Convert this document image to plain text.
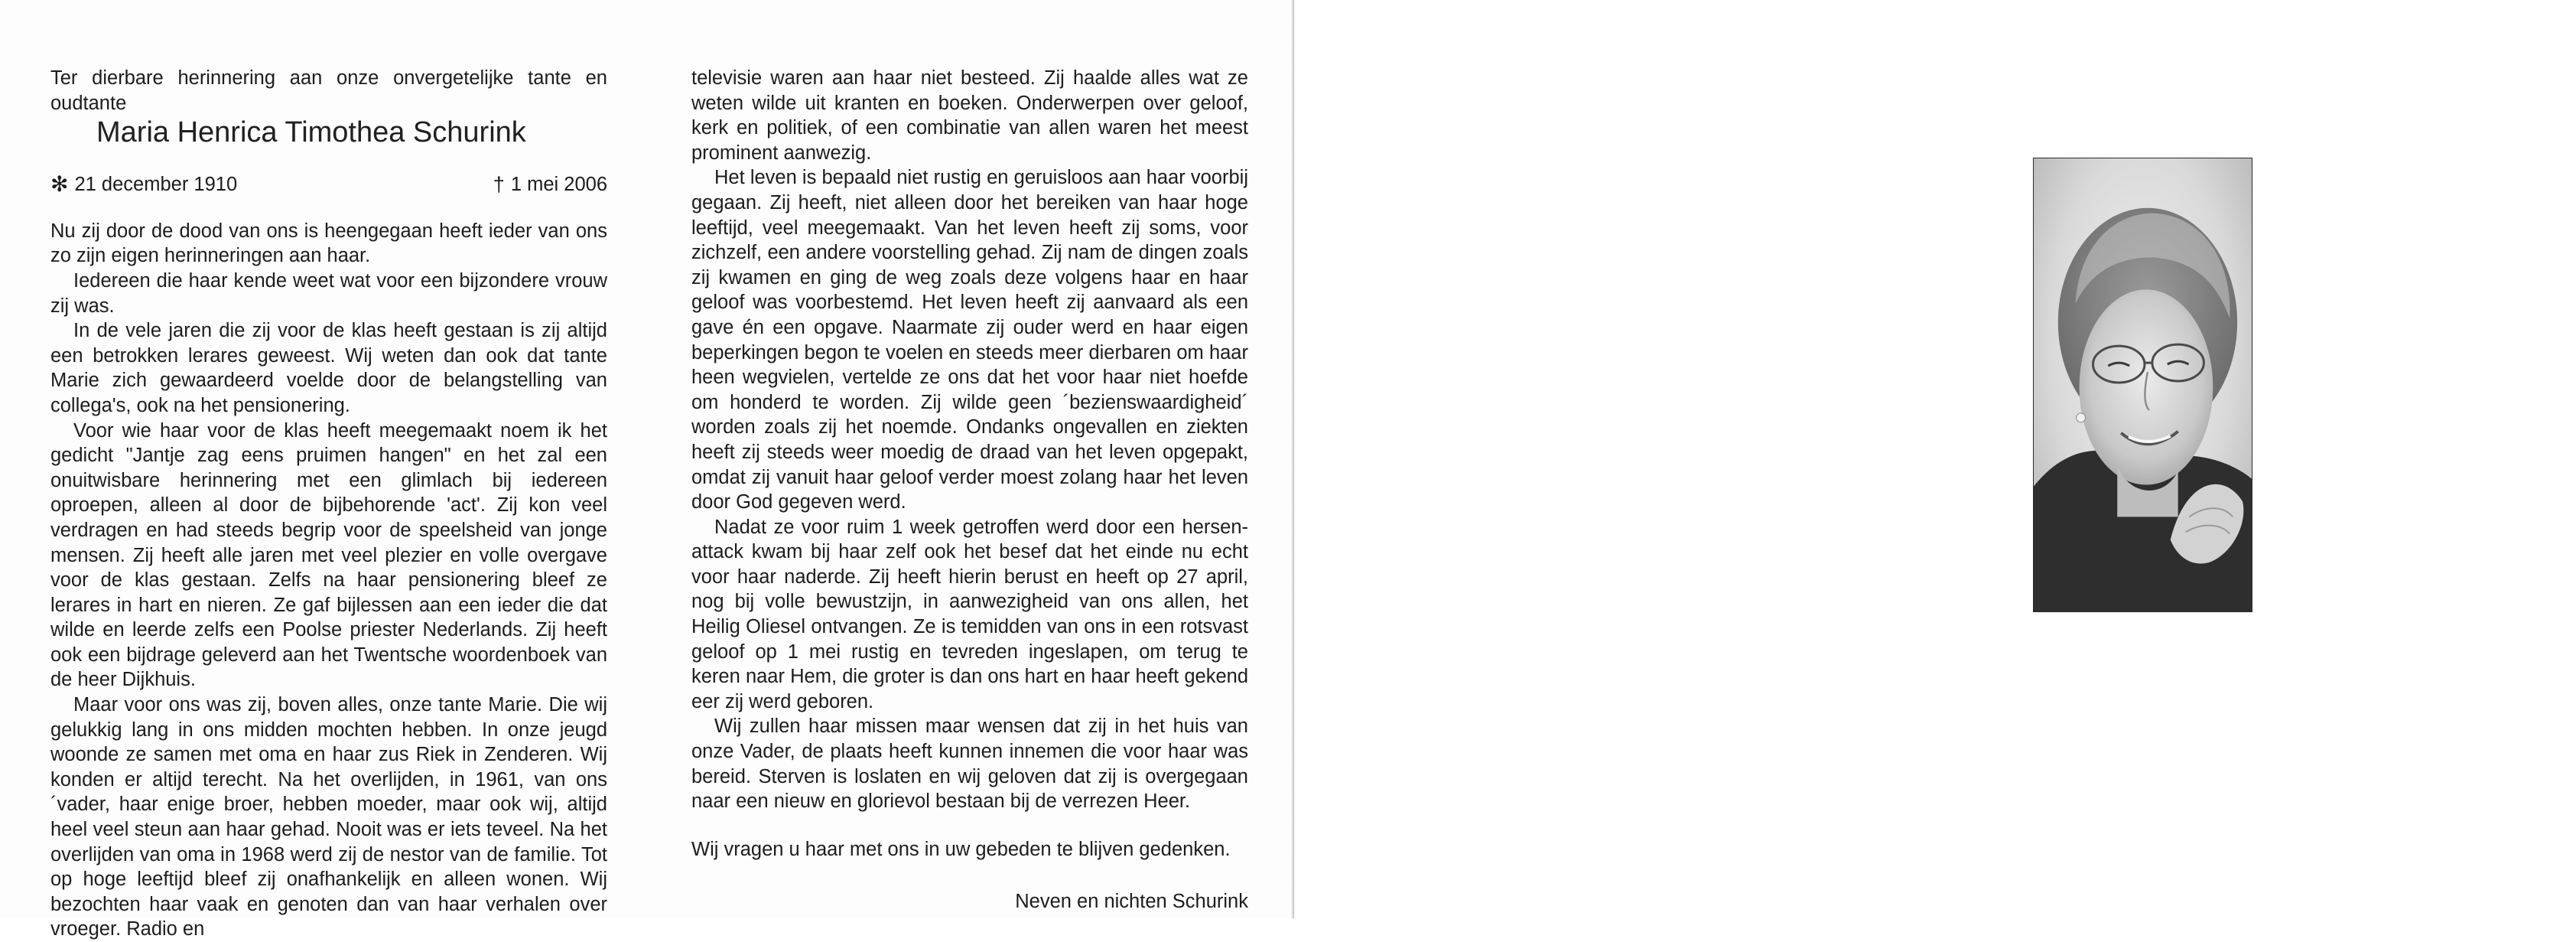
Ter dierbare herinnering aan onze onvergetelijke tante en oudtante

Maria Henrica Timothea Schurink
✻ 21 december 1910	† 1 mei 2006

Nu zij door de dood van ons is heengegaan heeft ieder van ons zo zijn eigen herinneringen aan haar.

Iedereen die haar kende weet wat voor een bijzondere vrouw zij was.

In de vele jaren die zij voor de klas heeft gestaan is zij altijd een betrokken lerares geweest. Wij weten dan ook dat tante Marie zich gewaardeerd voelde door de belangstelling van collega's, ook na het pensionering.

Voor wie haar voor de klas heeft meegemaakt noem ik het gedicht "Jantje zag eens pruimen hangen" en het zal een onuitwisbare herinnering met een glimlach bij iedereen oproepen, alleen al door de bijbehorende 'act'. Zij kon veel verdragen en had steeds begrip voor de speelsheid van jonge mensen. Zij heeft alle jaren met veel plezier en volle overgave voor de klas gestaan. Zelfs na haar pensionering bleef ze lerares in hart en nieren. Ze gaf bijlessen aan een ieder die dat wilde en leerde zelfs een Poolse priester Nederlands. Zij heeft ook een bijdrage geleverd aan het Twentsche woordenboek van de heer Dijkhuis.

Maar voor ons was zij, boven alles, onze tante Marie. Die wij gelukkig lang in ons midden mochten hebben. In onze jeugd woonde ze samen met oma en haar zus Riek in Zenderen. Wij konden er altijd terecht. Na het overlijden, in 1961, van ons´vader, haar enige broer, hebben moeder, maar ook wij, altijd heel veel steun aan haar gehad. Nooit was er iets teveel. Na het overlijden van oma in 1968 werd zij de nestor van de familie. Tot op hoge leeftijd bleef zij onafhankelijk en alleen wonen. Wij bezochten haar vaak en genoten dan van haar verhalen over vroeger. Radio en

televisie waren aan haar niet besteed. Zij haalde alles wat ze weten wilde uit kranten en boeken. Onderwerpen over geloof, kerk en politiek, of een combinatie van allen waren het meest prominent aanwezig.

Het leven is bepaald niet rustig en geruisloos aan haar voorbij gegaan. Zij heeft, niet alleen door het bereiken van haar hoge leeftijd, veel meegemaakt. Van het leven heeft zij soms, voor zichzelf, een andere voorstelling gehad. Zij nam de dingen zoals zij kwamen en ging de weg zoals deze volgens haar en haar geloof was voorbestemd. Het leven heeft zij aanvaard als een gave én een opgave. Naarmate zij ouder werd en haar eigen beperkingen begon te voelen en steeds meer dierbaren om haar heen wegvielen, vertelde ze ons dat het voor haar niet hoefde om honderd te worden. Zij wilde geen ´bezienswaardigheid´ worden zoals zij het noemde. Ondanks ongevallen en ziekten heeft zij steeds weer moedig de draad van het leven opgepakt, omdat zij vanuit haar geloof verder moest zolang haar het leven door God gegeven werd.

Nadat ze voor ruim 1 week getroffen werd door een hersen-attack kwam bij haar zelf ook het besef dat het einde nu echt voor haar naderde. Zij heeft hierin berust en heeft op 27 april, nog bij volle bewustzijn, in aanwezigheid van ons allen, het Heilig Oliesel ontvangen. Ze is temidden van ons in een rotsvast geloof op 1 mei rustig en tevreden ingeslapen, om terug te keren naar Hem, die groter is dan ons hart en haar heeft gekend eer zij werd geboren.

Wij zullen haar missen maar wensen dat zij in het huis van onze Vader, de plaats heeft kunnen innemen die voor haar was bereid. Sterven is loslaten en wij geloven dat zij is overgegaan naar een nieuw en glorievol bestaan bij de verrezen Heer.

Wij vragen u haar met ons in uw gebeden te blijven gedenken.

Neven en nichten Schurink
